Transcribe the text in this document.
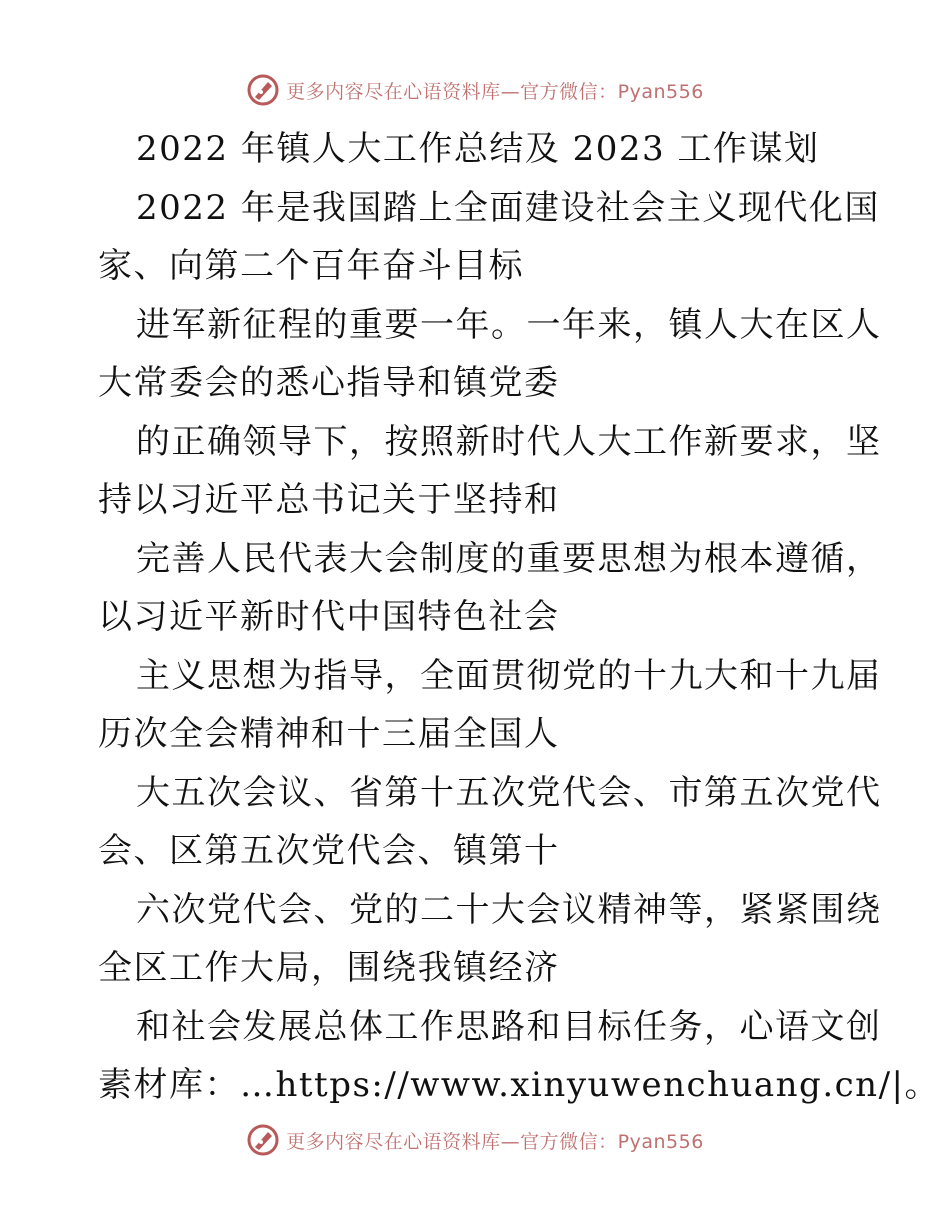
更多内容尽在心语资料库—官方微信：Pyan556
2022 年镇人大工作总结及 2023 工作谋划
2022 年是我国踏上全面建设社会主义现代化国
家、向第二个百年奋斗目标
进军新征程的重要一年。一年来，镇人大在区人
大常委会的悉心指导和镇党委
的正确领导下，按照新时代人大工作新要求，坚
持以习近平总书记关于坚持和
完善人民代表大会制度的重要思想为根本遵循，
以习近平新时代中国特色社会
主义思想为指导，全面贯彻党的十九大和十九届
历次全会精神和十三届全国人
大五次会议、省第十五次党代会、市第五次党代
会、区第五次党代会、镇第十
六次党代会、党的二十大会议精神等，紧紧围绕
全区工作大局，围绕我镇经济
和社会发展总体工作思路和目标任务，心语文创
素材库：…https://www.xinyuwenchuang.cn/|。
更多内容尽在心语资料库—官方微信：Pyan556
